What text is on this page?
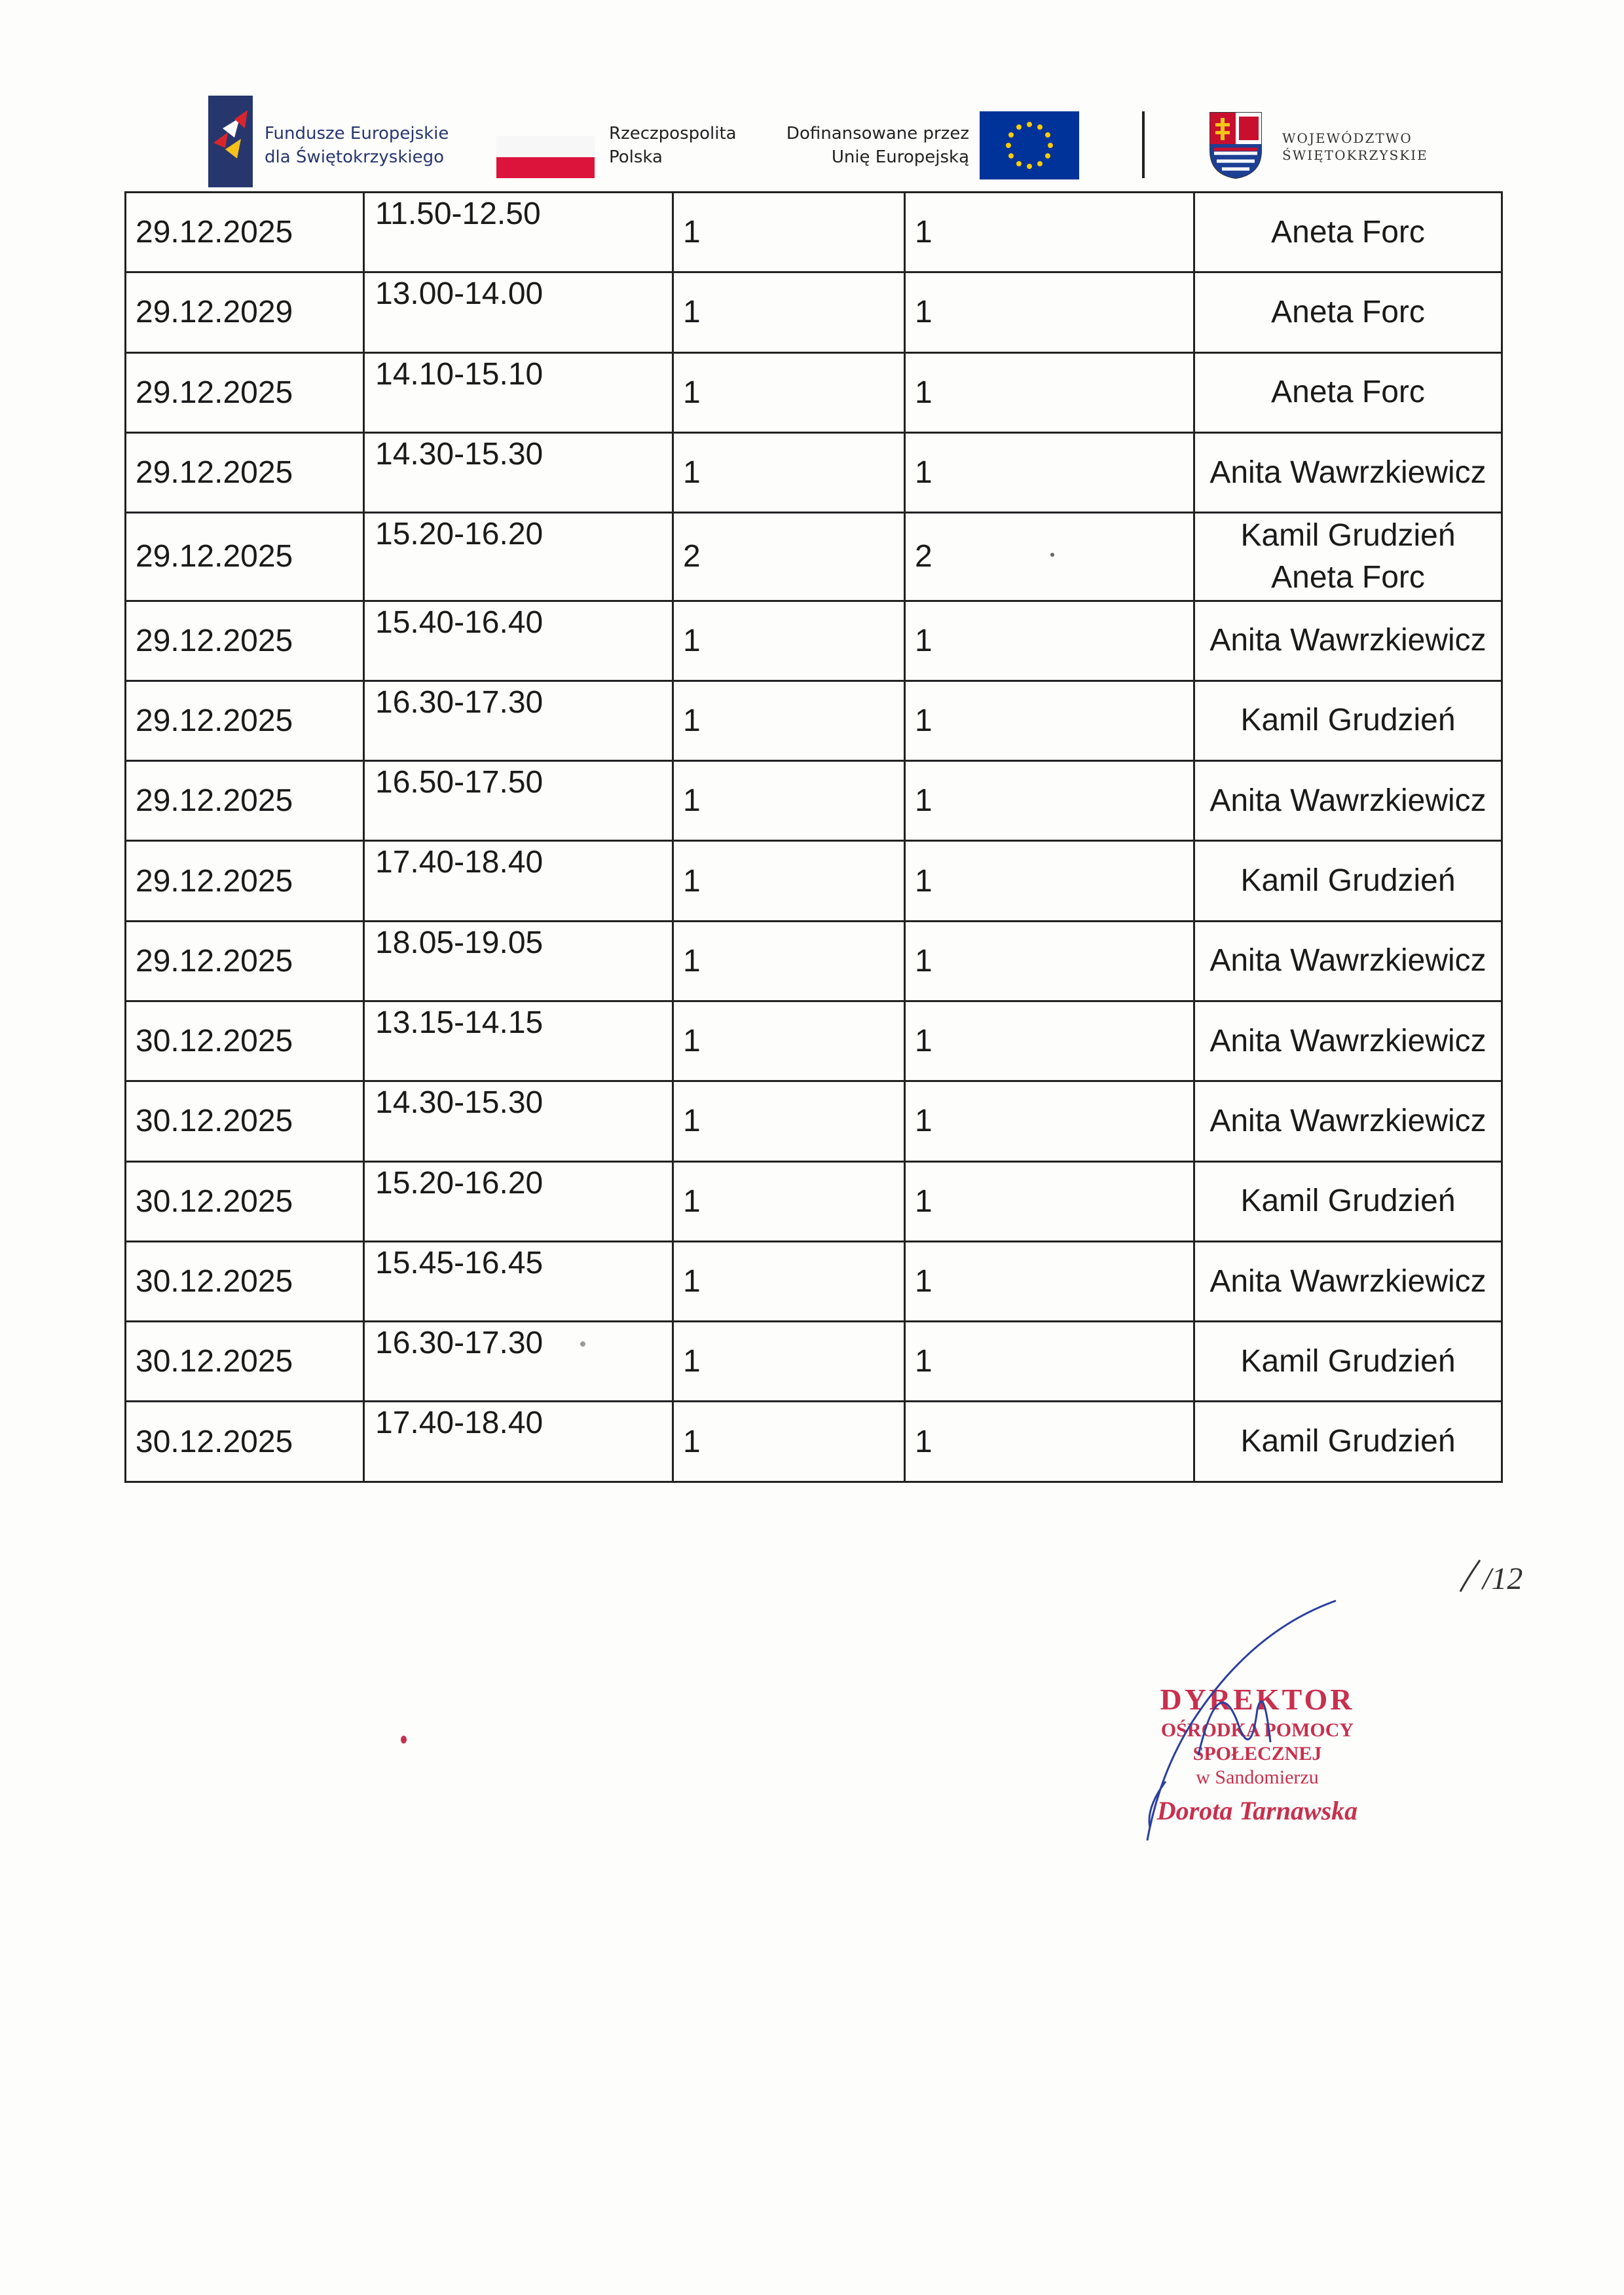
Fundusze Europejskie
dla Świętokrzyskiego
Rzeczpospolita
Polska
Dofinansowane przez
Unię Europejską
WOJEWÓDZTWO
ŚWIĘTOKRZYSKIE
29.12.2025	11.50-12.50	1	1	Aneta Forc

29.12.2029	13.00-14.00	1	1	Aneta Forc

29.12.2025	14.10-15.10	1	1	Aneta Forc

29.12.2025	14.30-15.30	1	1	Anita Wawrzkiewicz

29.12.2025	15.20-16.20	2	2	Kamil Grudzień
Aneta Forc

29.12.2025	15.40-16.40	1	1	Anita Wawrzkiewicz

29.12.2025	16.30-17.30	1	1	Kamil Grudzień

29.12.2025	16.50-17.50	1	1	Anita Wawrzkiewicz

29.12.2025	17.40-18.40	1	1	Kamil Grudzień

29.12.2025	18.05-19.05	1	1	Anita Wawrzkiewicz

30.12.2025	13.15-14.15	1	1	Anita Wawrzkiewicz

30.12.2025	14.30-15.30	1	1	Anita Wawrzkiewicz

30.12.2025	15.20-16.20	1	1	Kamil Grudzień

30.12.2025	15.45-16.45	1	1	Anita Wawrzkiewicz

30.12.2025	16.30-17.30	1	1	Kamil Grudzień

30.12.2025	17.40-18.40	1	1	Kamil Grudzień
/12
DYREKTOR
OŚRODKA POMOCY SPOŁECZNEJ
w Sandomierzu
Dorota Tarnawska
